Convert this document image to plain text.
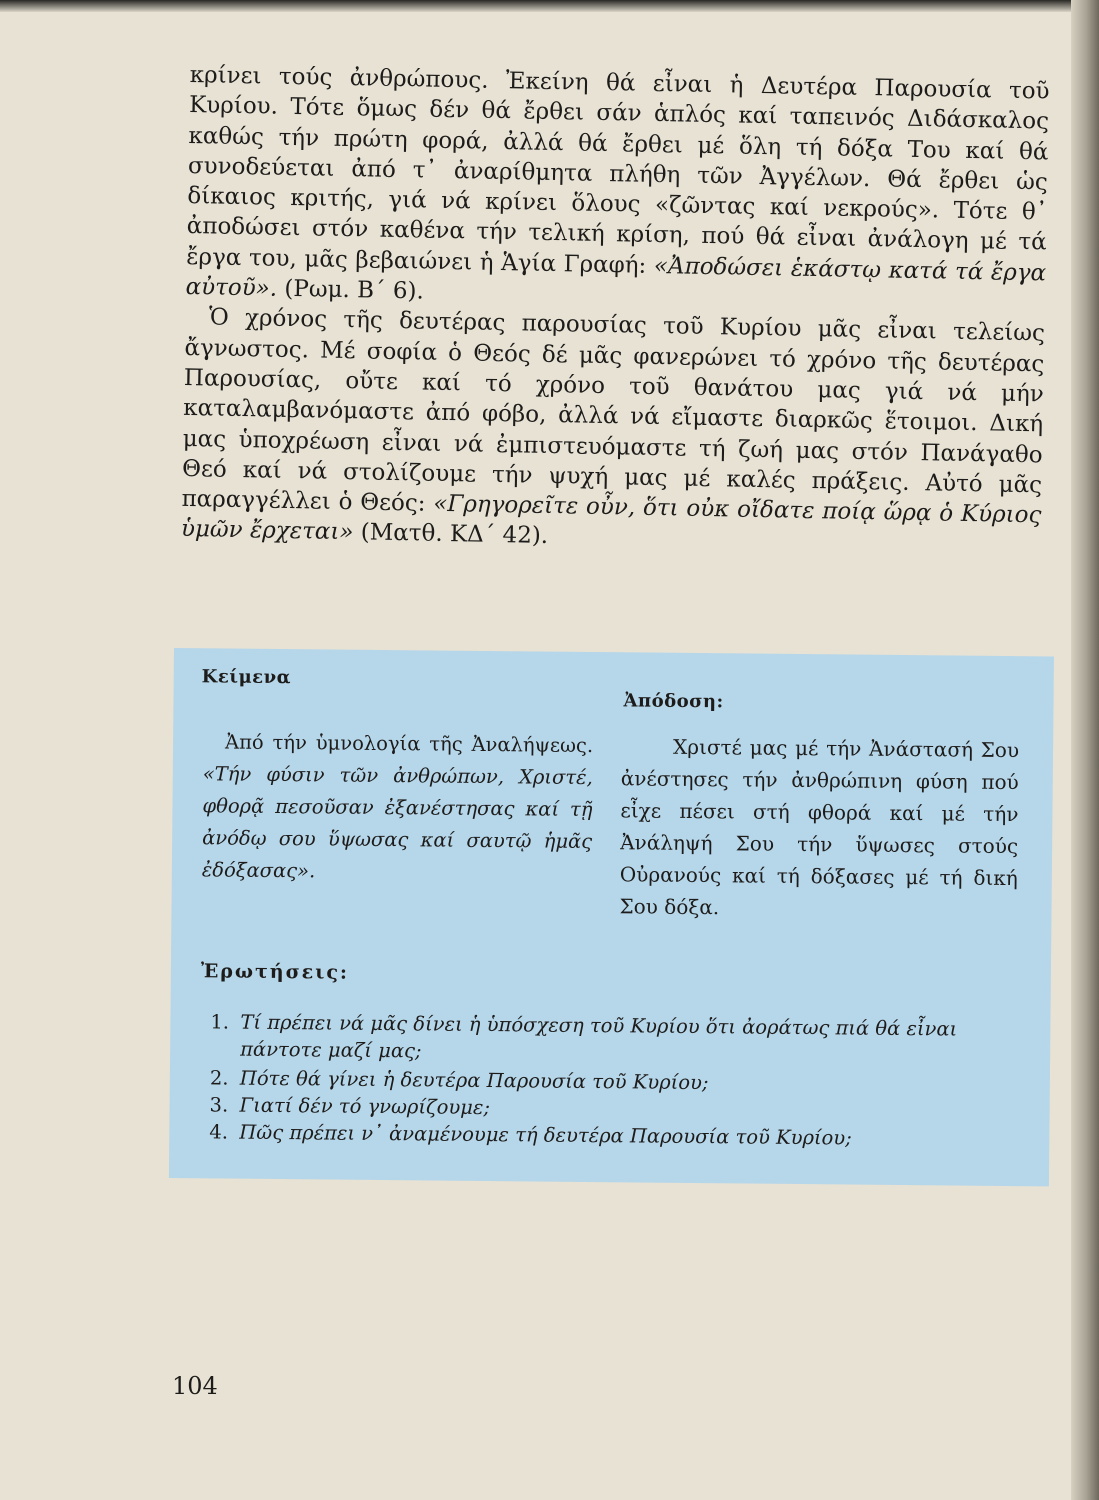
κρίνει τούς ἀνθρώπους. Ἐκείνη θά εἶναι ἡ Δευτέρα Παρουσία τοῦ Κυρίου. Τότε ὅμως δέν θά ἔρθει σάν ἁπλός καί ταπεινός Διδάσκαλος καθώς τήν πρώτη φορά, ἀλλά θά ἔρθει μέ ὅλη τή δόξα Του καί θά συνοδεύεται ἀπό τ᾽ ἀναρίθμητα πλήθη τῶν Ἀγγέλων. Θά ἔρθει ὡς δίκαιος κριτής, γιά νά κρίνει ὅλους «ζῶντας καί νεκρούς». Τότε θ᾽ ἀποδώσει στόν καθένα τήν τελική κρίση, πού θά εἶναι ἀνάλογη μέ τά ἔργα του, μᾶς βεβαιώνει ἡ Ἁγία Γραφή: «Ἀποδώσει ἑκάστῳ κατά τά ἔργα αὐτοῦ». (Ρωμ. Β΄ 6).

Ὁ χρόνος τῆς δευτέρας παρουσίας τοῦ Κυρίου μᾶς εἶναι τελείως ἄγνωστος. Μέ σοφία ὁ Θεός δέ μᾶς φανερώνει τό χρόνο τῆς δευτέρας Παρουσίας, οὔτε καί τό χρόνο τοῦ θανάτου μας γιά νά μήν καταλαμβανόμαστε ἀπό φόβο, ἀλλά νά εἴμαστε διαρκῶς ἕτοιμοι. Δική μας ὑποχρέωση εἶναι νά ἐμπιστευόμαστε τή ζωή μας στόν Πανάγαθο Θεό καί νά στολίζουμε τήν ψυχή μας μέ καλές πράξεις. Αὐτό μᾶς παραγγέλλει ὁ Θεός: «Γρηγορεῖτε οὖν, ὅτι οὐκ οἴδατε ποίᾳ ὥρᾳ ὁ Κύριος ὑμῶν ἔρχεται» (Ματθ. ΚΔ΄ 42).

Κείμενα
Ἀπόδοση:

Ἀπό τήν ὑμνολογία τῆς Ἀναλήψεως. «Τήν φύσιν τῶν ἀνθρώπων, Χριστέ, φθορᾷ πεσοῦσαν ἐξανέστησας καί τῇ ἀνόδῳ σου ὕψωσας καί σαυτῷ ἡμᾶς ἐδόξασας».

Χριστέ μας μέ τήν Ἀνάστασή Σου ἀνέστησες τήν ἀνθρώπινη φύση πού εἶχε πέσει στή φθορά καί μέ τήν Ἀνάληψή Σου τήν ὕψωσες στούς Οὐρανούς καί τή δόξασες μέ τή δική Σου δόξα.

Ἐρωτήσεις:
1. Τί πρέπει νά μᾶς δίνει ἡ ὑπόσχεση τοῦ Κυρίου ὅτι ἀοράτως πιά θά εἶναι πάντοτε μαζί μας;
2. Πότε θά γίνει ἡ δευτέρα Παρουσία τοῦ Κυρίου;
3. Γιατί δέν τό γνωρίζουμε;
4. Πῶς πρέπει ν᾽ ἀναμένουμε τή δευτέρα Παρουσία τοῦ Κυρίου;
104
